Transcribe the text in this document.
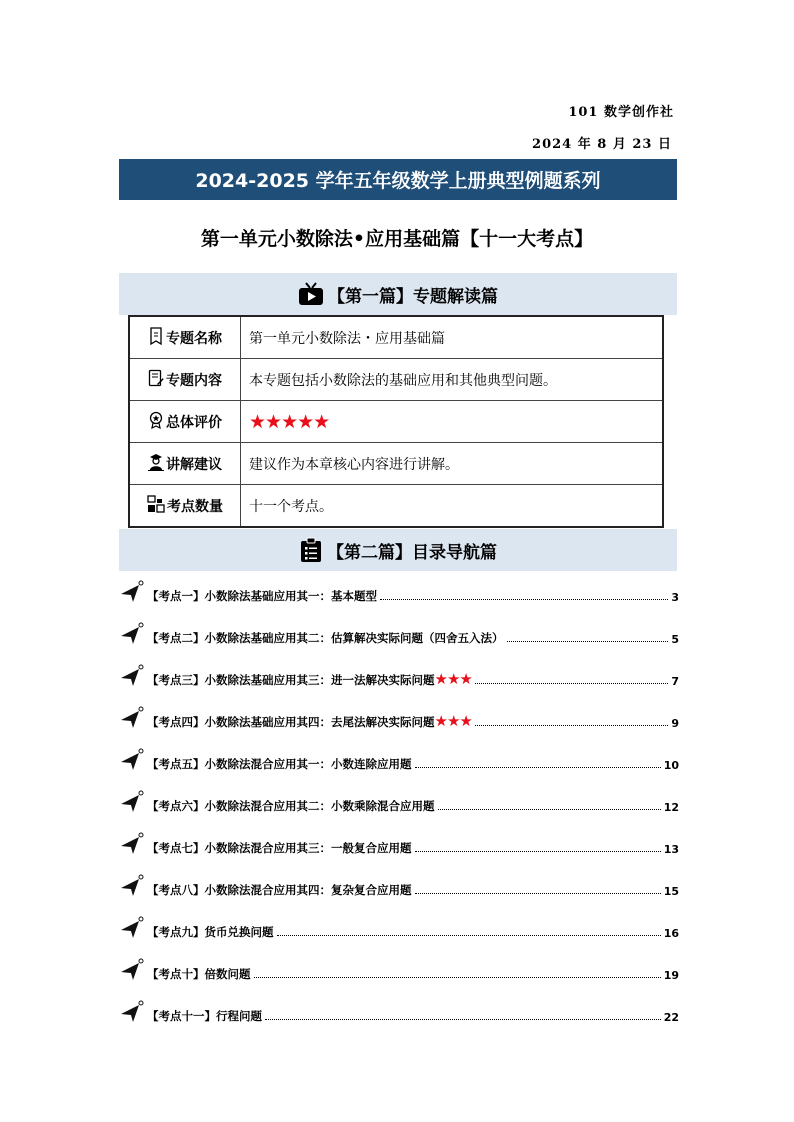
101 数学创作社
2024 年 8 月 23 日
2024-2025 学年五年级数学上册典型例题系列
第一单元小数除法•应用基础篇【十一大考点】
【第一篇】专题解读篇
专题名称	第一单元小数除法・应用基础篇

专题内容	本专题包括小数除法的基础应用和其他典型问题。

总体评价	★★★★★

讲解建议	建议作为本章核心内容进行讲解。

考点数量	十一个考点。
【第二篇】目录导航篇
【考点一】小数除法基础应用其一：基本题型	3
【考点二】小数除法基础应用其二：估算解决实际问题（四舍五入法）	5
【考点三】小数除法基础应用其三：进一法解决实际问题 ★★★	7
【考点四】小数除法基础应用其四：去尾法解决实际问题 ★★★	9
【考点五】小数除法混合应用其一：小数连除应用题	10
【考点六】小数除法混合应用其二：小数乘除混合应用题	12
【考点七】小数除法混合应用其三：一般复合应用题	13
【考点八】小数除法混合应用其四：复杂复合应用题	15
【考点九】货币兑换问题	16
【考点十】倍数问题	19
【考点十一】行程问题	22
